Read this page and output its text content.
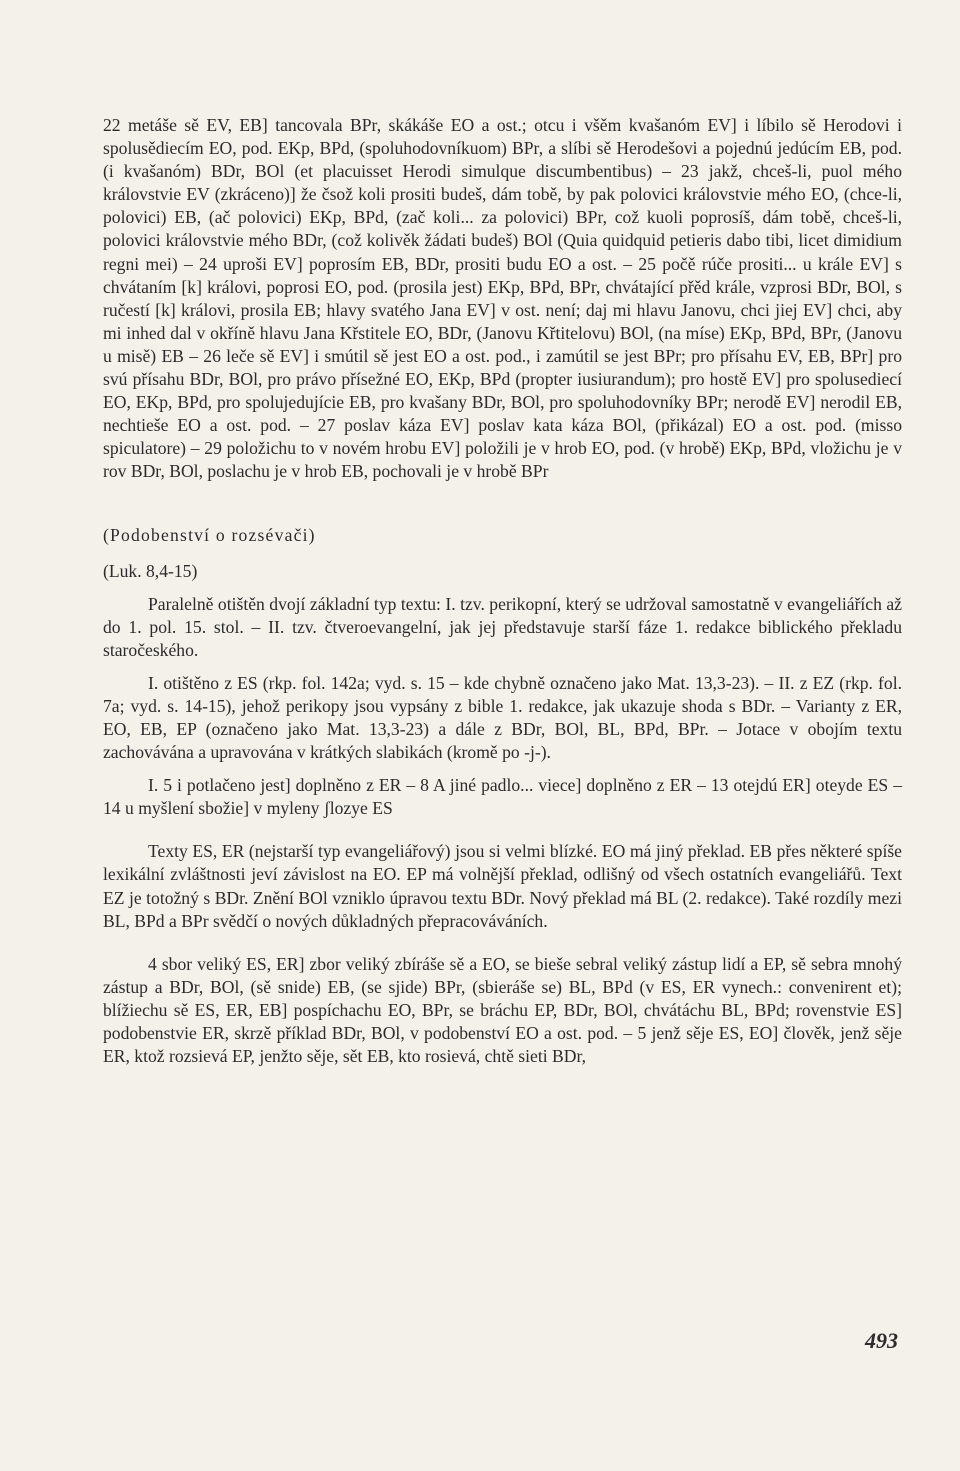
22 metáše sě EV, EB] tancovala BPr, skákáše EO a ost.; otcu i všěm kvašanóm EV] i líbilo sě Herodovi i spolusědiecím EO, pod. EKp, BPd, (spoluhodovníkuom) BPr, a slíbi sě Herodešovi a pojednú jedúcím EB, pod. (i kvašanóm) BDr, BOl (et placuisset Herodi simulque discumbentibus) – 23 jakž, chceš-li, puol mého královstvie EV (zkráceno)] že čsož koli prositi budeš, dám tobě, by pak polovici královstvie mého EO, (chce-li, polovici) EB, (ač polovici) EKp, BPd, (zač koli... za polovici) BPr, což kuoli poprosíš, dám tobě, chceš-li, polovici královstvie mého BDr, (což kolivěk žádati budeš) BOl (Quia quidquid petieris dabo tibi, licet dimidium regni mei) – 24 uproši EV] poprosím EB, BDr, prositi budu EO a ost. – 25 počě rúče prositi... u krále EV] s chvátaním [k] královi, poprosi EO, pod. (prosila jest) EKp, BPd, BPr, chvátající přěd krále, vzprosi BDr, BOl, s ručestí [k] královi, prosila EB; hlavy svatého Jana EV] v ost. není; daj mi hlavu Janovu, chci jiej EV] chci, aby mi inhed dal v okříně hlavu Jana Křstitele EO, BDr, (Janovu Křtitelovu) BOl, (na míse) EKp, BPd, BPr, (Janovu u misě) EB – 26 leče sě EV] i smútil sě jest EO a ost. pod., i zamútil se jest BPr; pro přísahu EV, EB, BPr] pro svú přísahu BDr, BOl, pro právo přísežné EO, EKp, BPd (propter iusiurandum); pro hostě EV] pro spolusediecí EO, EKp, BPd, pro spolujedujície EB, pro kvašany BDr, BOl, pro spoluhodovníky BPr; nerodě EV] nerodil EB, nechtieše EO a ost. pod. – 27 poslav káza EV] poslav kata káza BOl, (přikázal) EO a ost. pod. (misso spiculatore) – 29 položichu to v novém hrobu EV] položili je v hrob EO, pod. (v hrobě) EKp, BPd, vložichu je v rov BDr, BOl, poslachu je v hrob EB, pochovali je v hrobě BPr

(Podobenství o rozsévači)

(Luk. 8,4-15)

Paralelně otištěn dvojí základní typ textu: I. tzv. perikopní, který se udržoval samostatně v evangeliářích až do 1. pol. 15. stol. – II. tzv. čtveroevangelní, jak jej představuje starší fáze 1. redakce biblického překladu staročeského.

I. otištěno z ES (rkp. fol. 142a; vyd. s. 15 – kde chybně označeno jako Mat. 13,3-23). – II. z EZ (rkp. fol. 7a; vyd. s. 14-15), jehož perikopy jsou vypsány z bible 1. redakce, jak ukazuje shoda s BDr. – Varianty z ER, EO, EB, EP (označeno jako Mat. 13,3-23) a dále z BDr, BOl, BL, BPd, BPr. – Jotace v obojím textu zachovávána a upravována v krátkých slabikách (kromě po -j-).

I. 5 i potlačeno jest] doplněno z ER – 8 A jiné padlo... viece] doplněno z ER – 13 otejdú ER] oteyde ES – 14 u myšlení sbožie] v myleny ʃlozye ES

Texty ES, ER (nejstarší typ evangeliářový) jsou si velmi blízké. EO má jiný překlad. EB přes některé spíše lexikální zvláštnosti jeví závislost na EO. EP má volnější překlad, odlišný od všech ostatních evangeliářů. Text EZ je totožný s BDr. Znění BOl vzniklo úpravou textu BDr. Nový překlad má BL (2. redakce). Také rozdíly mezi BL, BPd a BPr svědčí o nových důkladných přepracováváních.

4 sbor veliký ES, ER] zbor veliký zbíráše sě a EO, se bieše sebral veliký zástup lidí a EP, sě sebra mnohý zástup a BDr, BOl, (sě snide) EB, (se sjide) BPr, (sbieráše se) BL, BPd (v ES, ER vynech.: convenirent et); blížiechu sě ES, ER, EB] pospíchachu EO, BPr, se bráchu EP, BDr, BOl, chvátáchu BL, BPd; rovenstvie ES] podobenstvie ER, skrzě příklad BDr, BOl, v podobenství EO a ost. pod. – 5 jenž sěje ES, EO] člověk, jenž sěje ER, ktož rozsievá EP, jenžto sěje, sět EB, kto rosievá, chtě sieti BDr,

493
